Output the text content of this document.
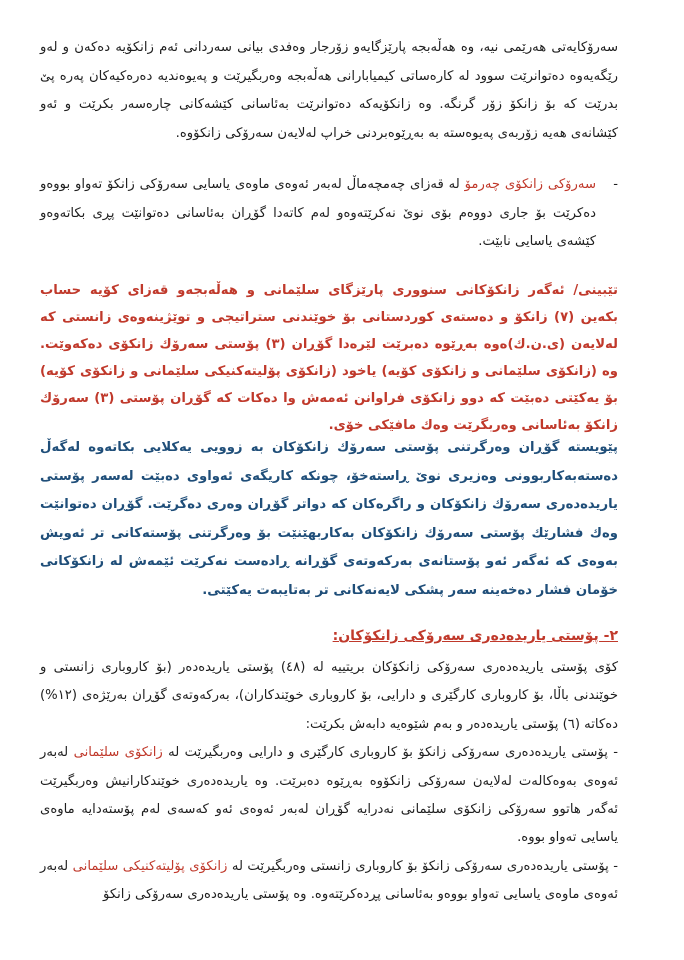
سەرۆکایەتی هەرێمی نیە، وە هەڵەبجە پارێزگایەو زۆرجار وەفدی بیانی سەردانی ئەم زانکۆیە دەکەن و لەو رێگەیەوە دەتوانرێت سوود لە کارەساتی کیمیابارانی هەڵەبجە وەربگیرێت و پەیوەندیە دەرەکیەکان پەرە پێ بدرێت کە بۆ زانکۆ زۆر گرنگە. وە زانکۆیەکە دەتوانرێت بەئاسانی کێشەکانی چارەسەر بکرێت و ئەو کێشانەی هەیە زۆربەی پەیوەستە بە بەڕێوەبردنی خراپ لەلایەن سەرۆکی زانکۆوە.
-
سەرۆکی زانکۆی چەرمۆ لە قەزای چەمچەماڵ لەبەر ئەوەی ماوەی یاسایی سەرۆکی زانکۆ تەواو بووەو دەکرێت بۆ جاری دووەم بۆی نوێ نەکرێتەوەو لەم کاتەدا گۆڕان بەئاسانی دەتوانێت پڕی بکاتەوەو کێشەی یاسایی نابێت.
تێبینی/ ئەگەر زانکۆکانی سنووری پارێزگای سلێمانی و هەڵەبجەو قەزای کۆیە حساب بکەین (٧) زانکۆ و دەستەی کوردستانی بۆ خوێندنی ستراتیجی و توێژینەوەی زانستی کە لەلایەن (ی.ن.ك)ەوە بەڕێوە دەبرێت لێرەدا گۆڕان (٣) پۆستی سەرۆك زانکۆی دەکەوێت. وە (زانکۆی سلێمانی و زانکۆی کۆیە) یاخود (زانکۆی پۆلیتەکنیکی سلێمانی و زانکۆی کۆیە) بۆ یەکێتی دەبێت کە دوو زانکۆی فراوانن ئەمەش وا دەکات کە گۆڕان پۆستی (٣) سەرۆك زانکۆ بەئاسانی وەربگرێت وەك مافێکی خۆی.
پێویستە گۆڕان وەرگرتنی پۆستی سەرۆك زانکۆکان بە زوویی یەکلایی بکاتەوە لەگەڵ دەستەبەکاربوونی وەزیری نوێ ڕاستەخۆ، چونکە کاریگەی ئەواوی دەبێت لەسەر پۆستی یاریدەدەری سەرۆك زانکۆکان و راگرەکان کە دواتر گۆڕان وەری دەگرێت. گۆڕان دەتوانێت وەك فشارێك پۆستی سەرۆك زانکۆکان بەکاربهێنێت بۆ وەرگرتنی پۆستەکانی تر ئەویش بەوەی کە ئەگەر ئەو پۆستانەی بەرکەوتەی گۆڕانە ڕادەست نەکرێت ئێمەش لە زانکۆکانی خۆمان فشار دەخەینە سەر پشکی لایەنەکانی تر بەتایبەت یەکێتی.
٢- پۆستی یاریدەدەری سەرۆکی زانکۆکان:
کۆی پۆستی یاریدەدەری سەرۆکی زانکۆکان بریتییە لە (٤٨) پۆستی یاریدەدەر (بۆ کاروباری زانستی و خوێندنی باڵا، بۆ کاروباری کارگێری و دارایی، بۆ کاروباری خوێندکاران)، بەرکەوتەی گۆڕان بەرێژەی (١٢%) دەکاتە (٦) پۆستی یاریدەدەر و بەم شێوەیە دابەش بکرێت:
- پۆستی یاریدەدەری سەرۆکی زانکۆ بۆ کاروباری کارگێری و دارایی وەربگیرێت لە زانکۆی سلێمانی لەبەر ئەوەی بەوەکالەت لەلایەن سەرۆکی زانکۆوە بەڕێوە دەبرێت. وە یاریدەدەری خوێندکارانیش وەربگیرێت ئەگەر هاتوو سەرۆکی زانکۆی سلێمانی نەدرایە گۆڕان لەبەر ئەوەی ئەو کەسەی لەم پۆستەدایە ماوەی یاسایی تەواو بووە.
- پۆستی یاریدەدەری سەرۆکی زانکۆ بۆ کاروباری زانستی وەربگیرێت لە زانکۆی پۆلیتەکنیکی سلێمانی لەبەر ئەوەی ماوەی یاسایی تەواو بووەو بەئاسانی پڕدەکرێتەوە. وە پۆستی یاریدەدەری سەرۆکی زانکۆ
